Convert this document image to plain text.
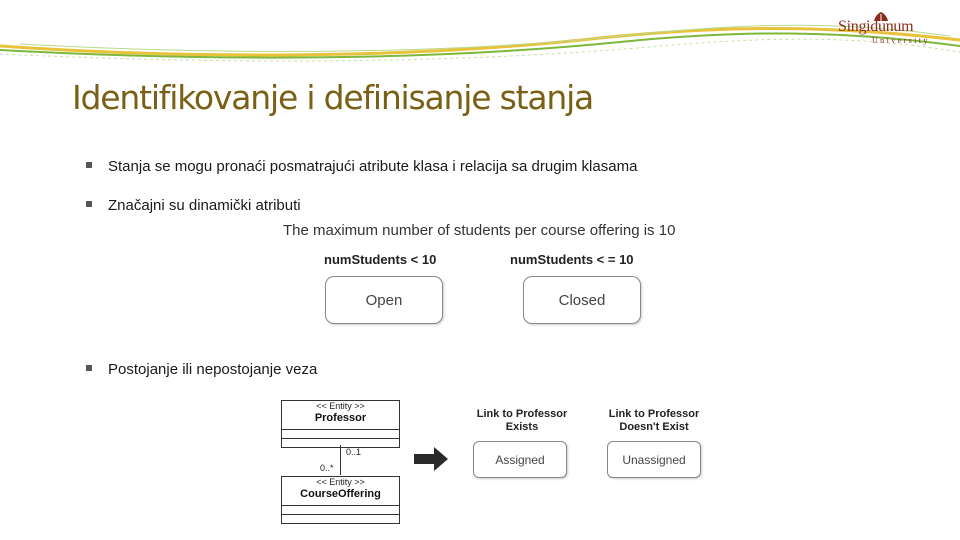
Singidunum
University
Identifikovanje i definisanje stanja
Stanja se mogu pronaći posmatrajući atribute klasa i relacija sa drugim klasama
Značajni su dinamički atributi
Postojanje ili nepostojanje veza
The maximum number of students per course offering is 10
numStudents < 10	numStudents < = 10
Open	Closed
<< Entity >>
Professor
0..1
0..*
<< Entity >>
CourseOffering
Link to Professor
Exists
Link to Professor
Doesn't Exist
Assigned	Unassigned
